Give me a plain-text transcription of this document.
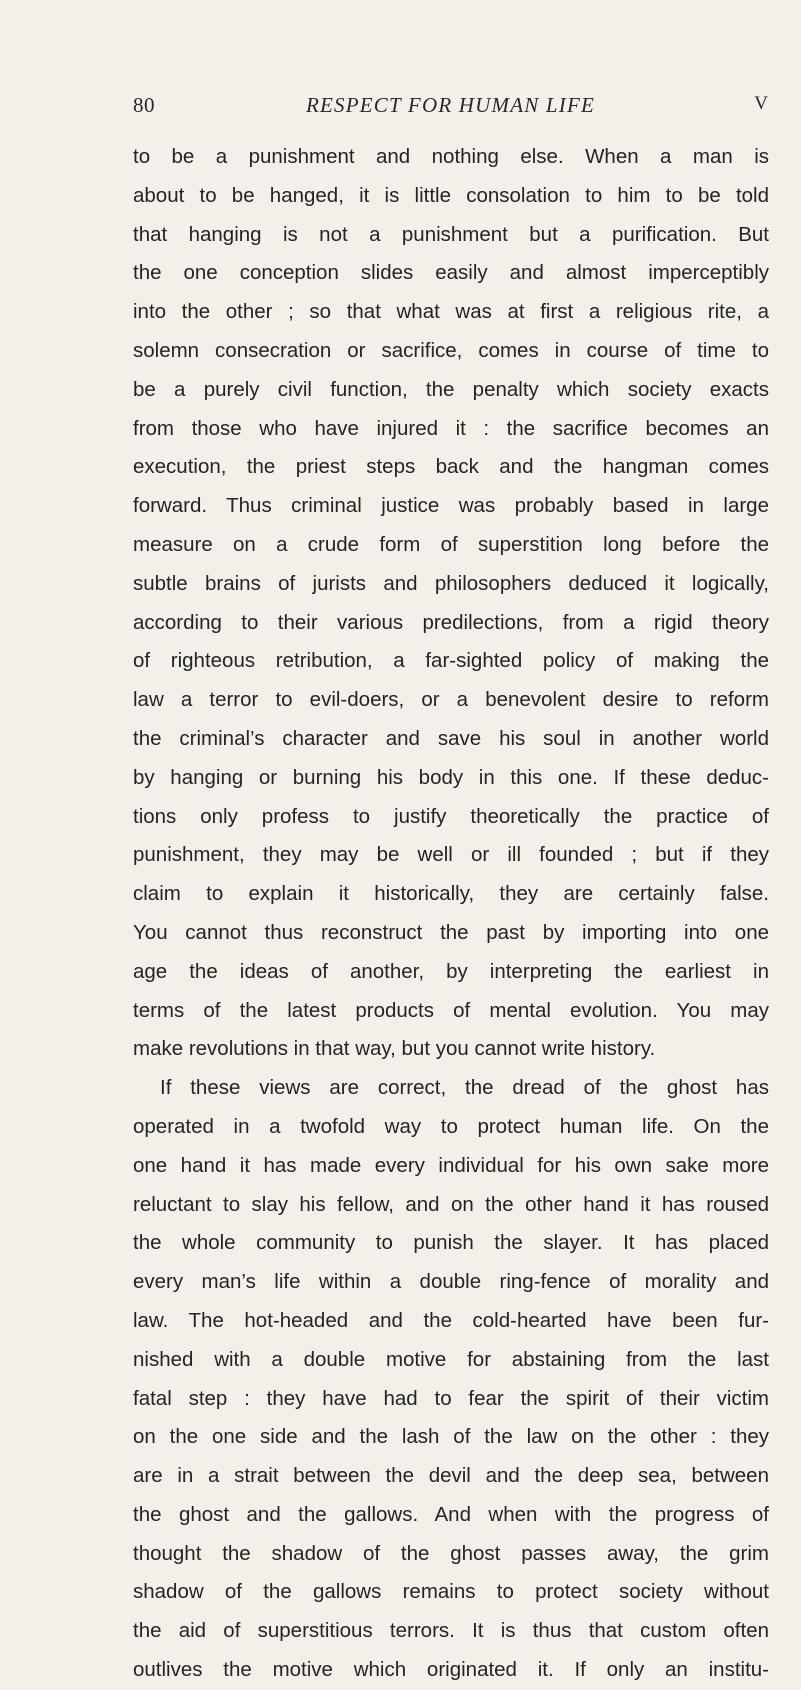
80	RESPECT FOR HUMAN LIFE	V
to be a punishment and nothing else. When a man is
about to be hanged, it is little consolation to him to be told
that hanging is not a punishment but a purification. But
the one conception slides easily and almost imperceptibly
into the other ; so that what was at first a religious rite, a
solemn consecration or sacrifice, comes in course of time to
be a purely civil function, the penalty which society exacts
from those who have injured it : the sacrifice becomes an
execution, the priest steps back and the hangman comes
forward. Thus criminal justice was probably based in large
measure on a crude form of superstition long before the
subtle brains of jurists and philosophers deduced it logically,
according to their various predilections, from a rigid theory
of righteous retribution, a far-sighted policy of making the
law a terror to evil-doers, or a benevolent desire to reform
the criminal’s character and save his soul in another world
by hanging or burning his body in this one. If these deduc-
tions only profess to justify theoretically the practice of
punishment, they may be well or ill founded ; but if they
claim to explain it historically, they are certainly false.
You cannot thus reconstruct the past by importing into one
age the ideas of another, by interpreting the earliest in
terms of the latest products of mental evolution. You may
make revolutions in that way, but you cannot write history.
If these views are correct, the dread of the ghost has
operated in a twofold way to protect human life. On the
one hand it has made every individual for his own sake more
reluctant to slay his fellow, and on the other hand it has roused
the whole community to punish the slayer. It has placed
every man’s life within a double ring-fence of morality and
law. The hot-headed and the cold-hearted have been fur-
nished with a double motive for abstaining from the last
fatal step : they have had to fear the spirit of their victim
on the one side and the lash of the law on the other : they
are in a strait between the devil and the deep sea, between
the ghost and the gallows. And when with the progress of
thought the shadow of the ghost passes away, the grim
shadow of the gallows remains to protect society without
the aid of superstitious terrors. It is thus that custom often
outlives the motive which originated it. If only an institu-
